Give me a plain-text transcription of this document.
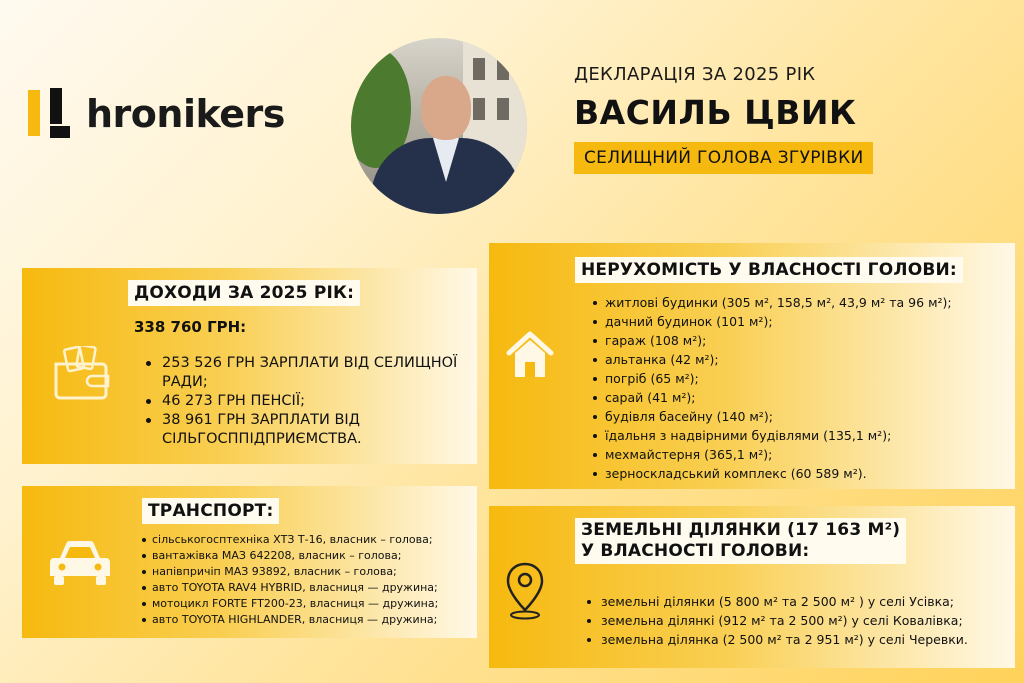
hronikers
ДЕКЛАРАЦІЯ ЗА 2025 РІК
ВАСИЛЬ ЦВИК
СЕЛИЩНИЙ ГОЛОВА ЗГУРІВКИ
ДОХОДИ ЗА 2025 РІК:
338 760 ГРН:
253 526 ГРН ЗАРПЛАТИ ВІД СЕЛИЩНОЇ РАДИ;
46 273 ГРН ПЕНСІЇ;
38 961 ГРН ЗАРПЛАТИ ВІД СІЛЬГОСППІДПРИЄМСТВА.
ТРАНСПОРТ:
сільськогосптехніка ХТЗ Т-16, власник – голова;
вантажівка МАЗ 642208, власник – голова;
напівпричіп МАЗ 93892, власник – голова;
авто TOYOTA RAV4 HYBRID, власниця — дружина;
мотоцикл FORTE FT200-23, власниця — дружина;
авто TOYOTA HIGHLANDER, власниця — дружина;
НЕРУХОМІСТЬ У ВЛАСНОСТІ ГОЛОВИ:
житлові будинки (305 м², 158,5 м², 43,9 м² та 96 м²);
дачний будинок (101 м²);
гараж (108 м²);
альтанка (42 м²);
погріб (65 м²);
сарай (41 м²);
будівля басейну (140 м²);
їдальня з надвірними будівлями (135,1 м²);
мехмайстерня (365,1 м²);
зерноскладський комплекс (60 589 м²).
ЗЕМЕЛЬНІ ДІЛЯНКИ (17 163 М²)
У ВЛАСНОСТІ ГОЛОВИ:
земельні ділянки (5 800 м² та 2 500 м² ) у селі Усівка;
земельна ділянкі (912 м² та 2 500 м²) у селі Ковалівка;
земельна ділянка (2 500 м² та 2 951 м²) у селі Черевки.
